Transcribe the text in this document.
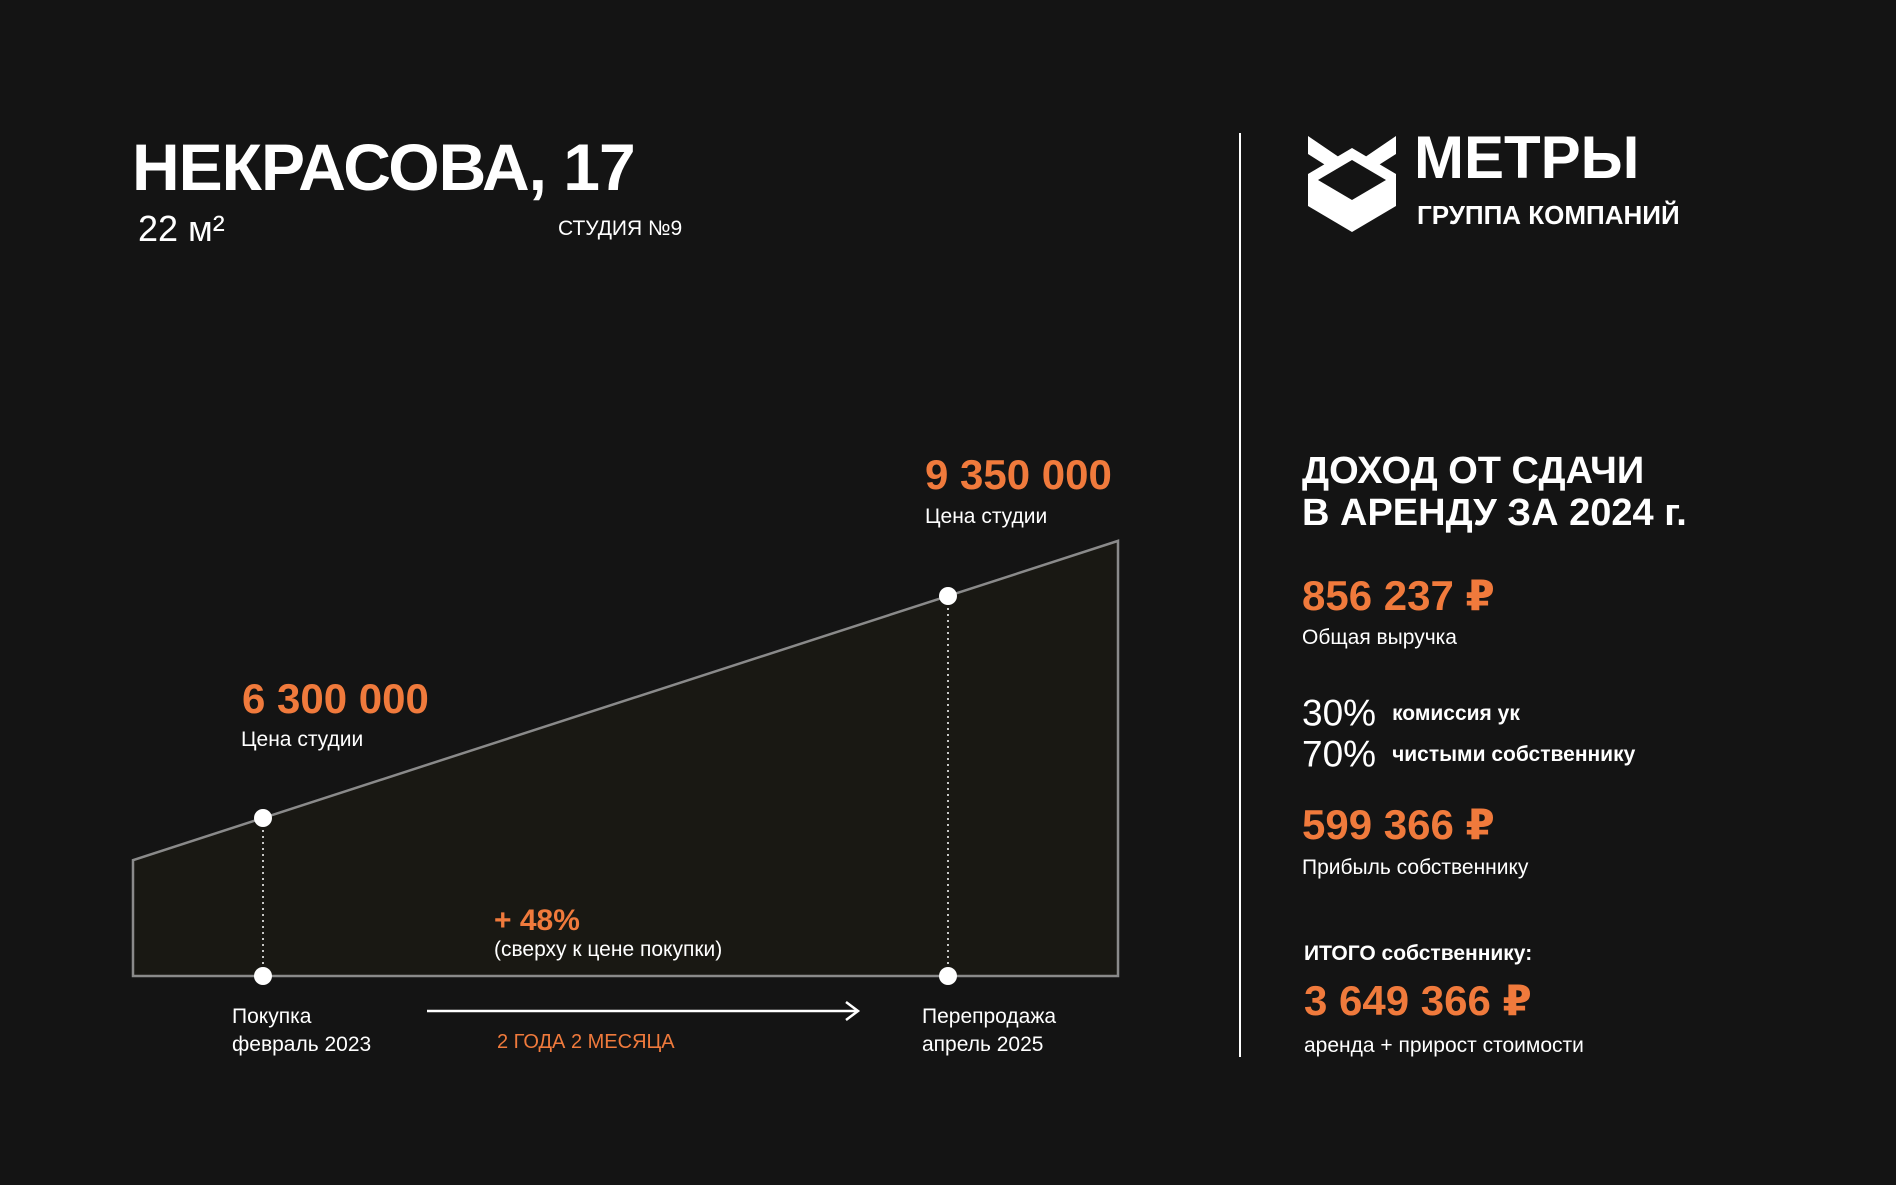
НЕКРАСОВА, 17
22 м²	СТУДИЯ №9
МЕТРЫ
ГРУППА КОМПАНИЙ
6 300 000
Цена студии
9 350 000
Цена студии
+ 48%
(сверху к цене покупки)
Покупка
февраль 2023
Перепродажа
апрель 2025
2 ГОДА 2 МЕСЯЦА
ДОХОД ОТ СДАЧИ
В АРЕНДУ ЗА 2024 г.
856 237 ₽
Общая выручка
30% комиссия ук
70% чистыми собственнику
599 366 ₽
Прибыль собственнику
ИТОГО собственнику:
3 649 366 ₽
аренда + прирост стоимости
